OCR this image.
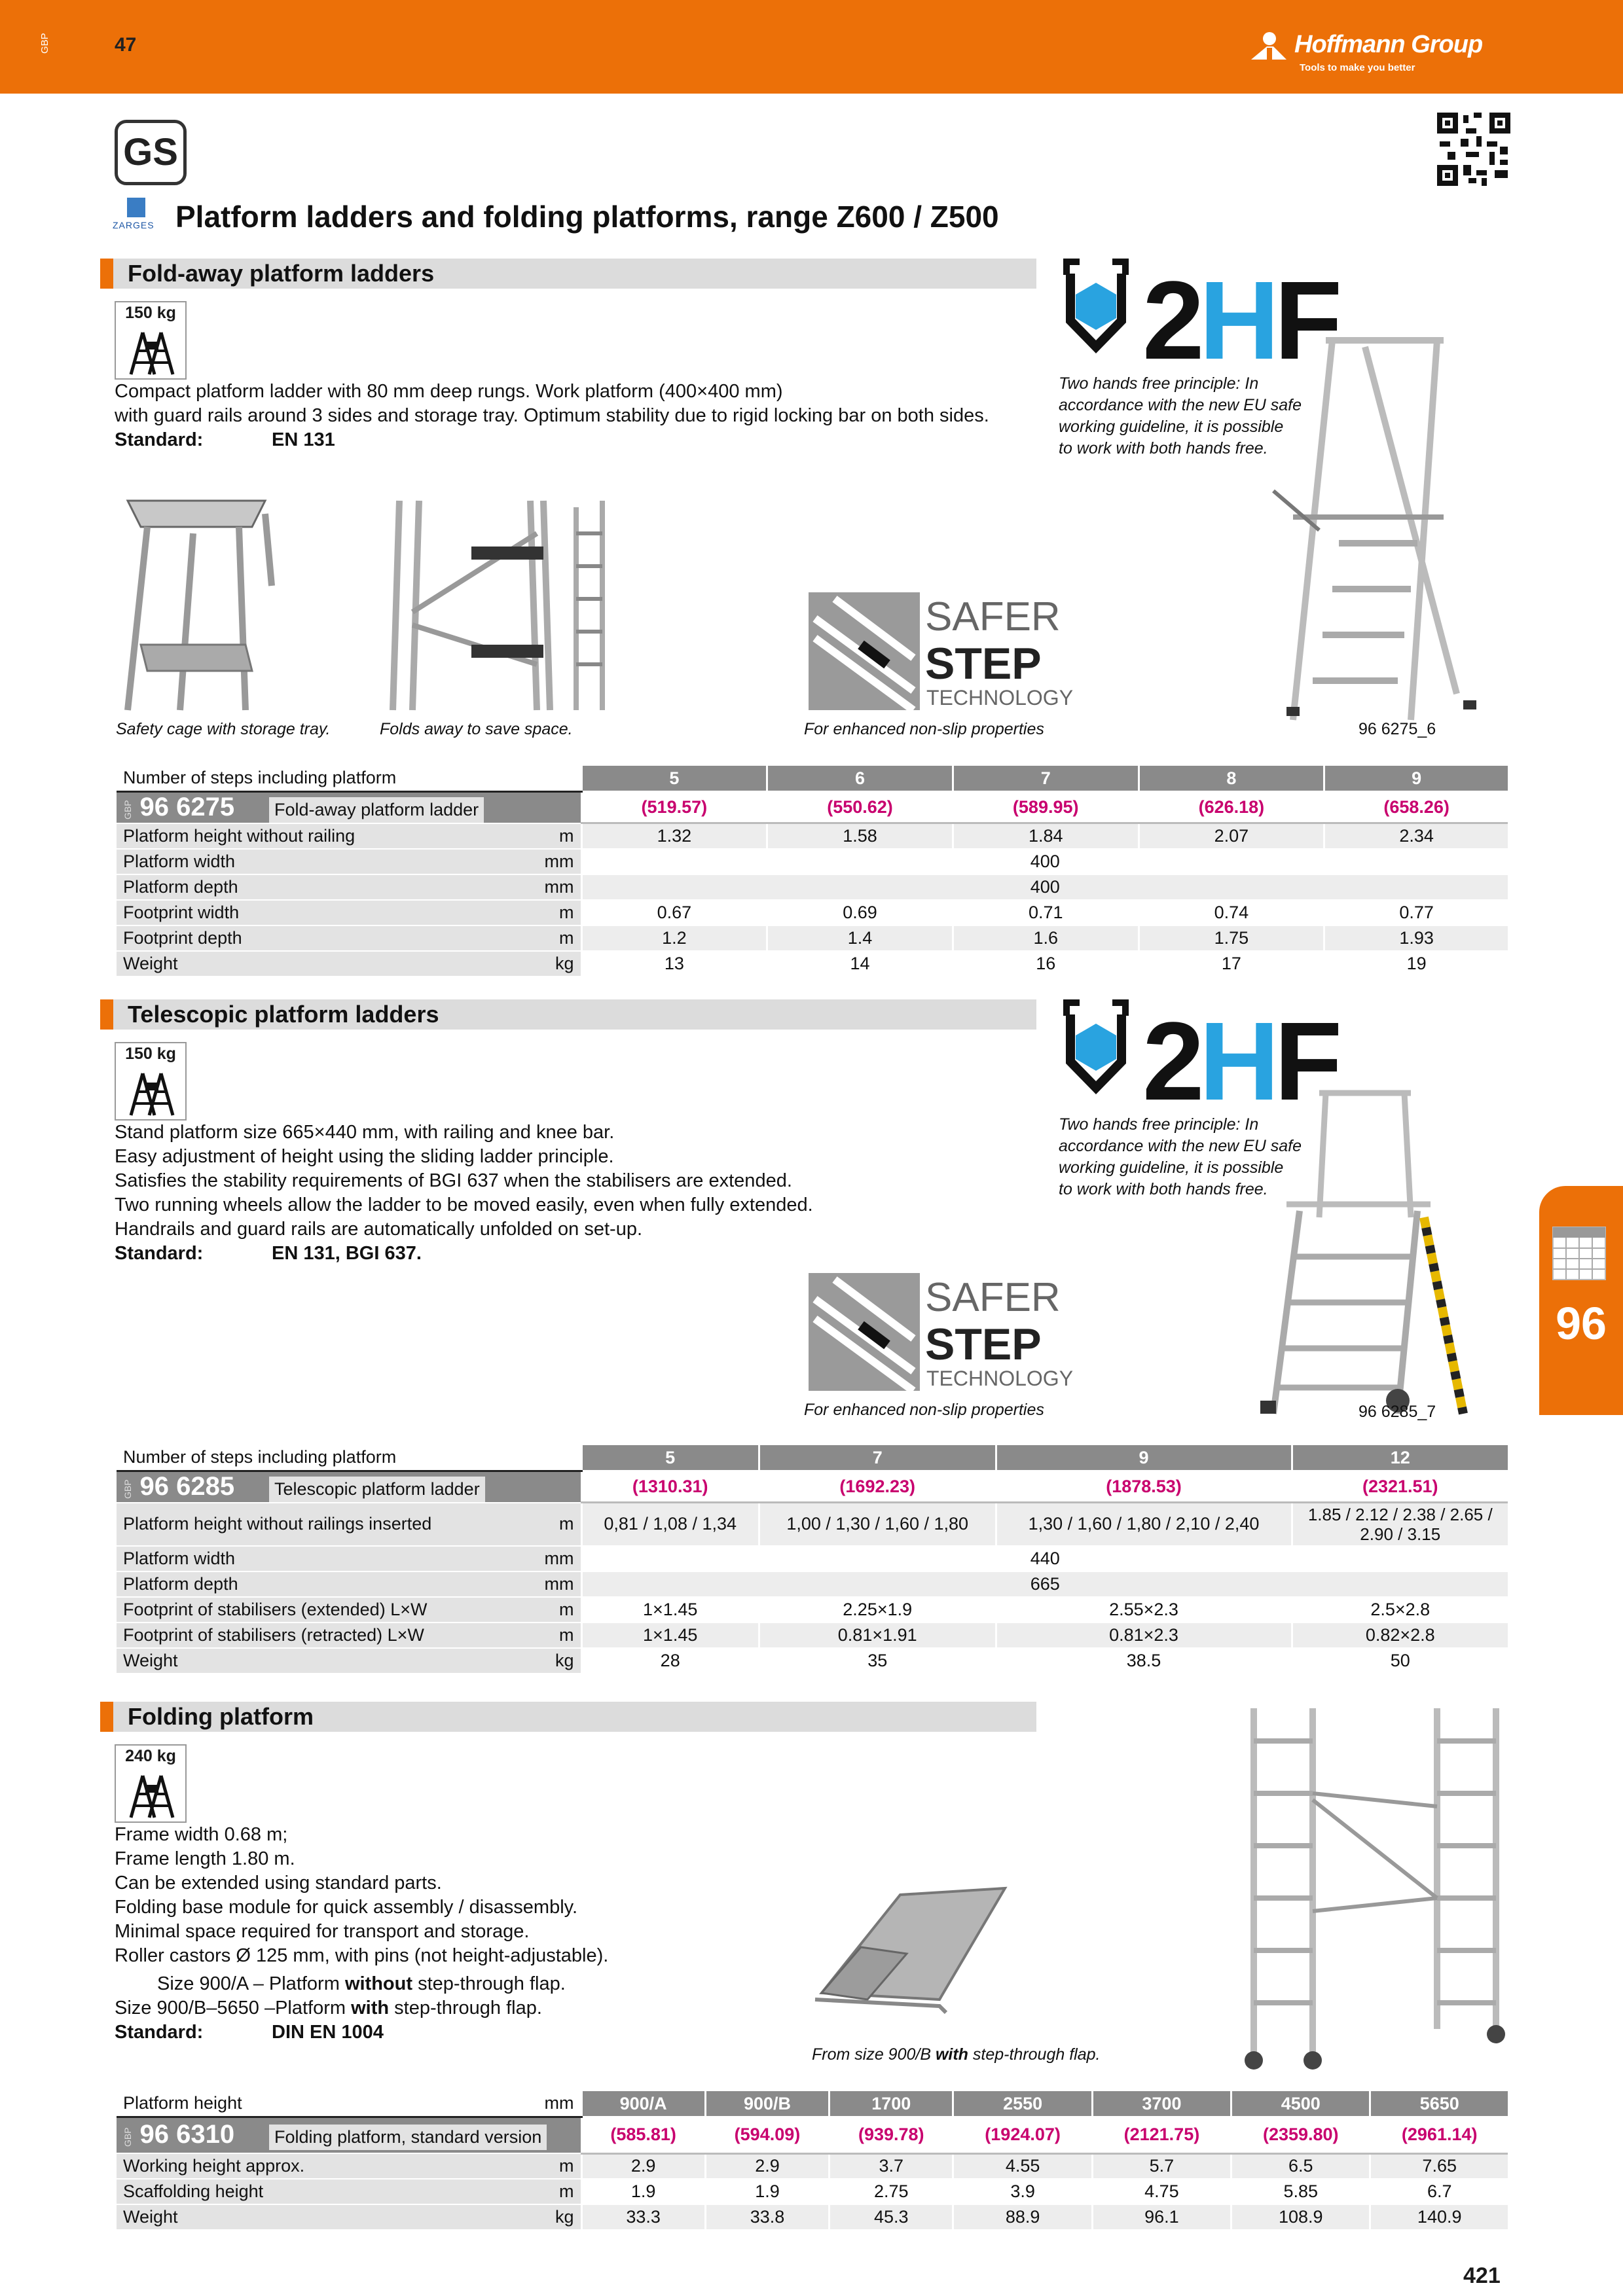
GBP	47	Hoffmann Group
Tools to make you better
GS
ZARGES Platform ladders and folding platforms, range Z600 / Z500
Fold-away platform ladders
150 kg
Compact platform ladder with 80 mm deep rungs. Work platform (400×400 mm)
with guard rails around 3 sides and storage tray. Optimum stability due to rigid locking bar on both sides.
Standard:	EN 131
2HF
Two hands free principle: In
accordance with the new EU safe
working guideline, it is possible
to work with both hands free.
Safety cage with storage tray.	Folds away to save space.
SAFER
STEP
TECHNOLOGY
For enhanced non-slip properties	96 6275_6
Number of steps including platform		5	6	7	8	9
GBP 96 6275 Fold-away platform ladder		(519.57)	(550.62)	(589.95)	(626.18)	(658.26)
Platform height without railing	m	1.32	1.58	1.84	2.07	2.34
Platform width	mm	400				
Platform depth	mm	400				
Footprint width	m	0.67	0.69	0.71	0.74	0.77
Footprint depth	m	1.2	1.4	1.6	1.75	1.93
Weight	kg	13	14	16	17	19
Telescopic platform ladders
150 kg
Stand platform size 665×440 mm, with railing and knee bar.
Easy adjustment of height using the sliding ladder principle.
Satisfies the stability requirements of BGI 637 when the stabilisers are extended.
Two running wheels allow the ladder to be moved easily, even when fully extended.
Handrails and guard rails are automatically unfolded on set-up.
Standard:	EN 131, BGI 637.
2HF
Two hands free principle: In
accordance with the new EU safe
working guideline, it is possible
to work with both hands free.
SAFER
STEP
TECHNOLOGY
For enhanced non-slip properties	96 6285_7
Number of steps including platform		5	7	9	12
GBP 96 6285 Telescopic platform ladder		(1310.31)	(1692.23)	(1878.53)	(2321.51)
Platform height without railings inserted	m	0,81 / 1,08 / 1,34	1,00 / 1,30 / 1,60 / 1,80	1,30 / 1,60 / 1,80 / 2,10 / 2,40	1.85 / 2.12 / 2.38 / 2.65 / 2.90 / 3.15
Platform width	mm	440			
Platform depth	mm	665			
Footprint of stabilisers (extended) L×W	m	1×1.45	2.25×1.9	2.55×2.3	2.5×2.8
Footprint of stabilisers (retracted) L×W	m	1×1.45	0.81×1.91	0.81×2.3	0.82×2.8
Weight	kg	28	35	38.5	50
96
Folding platform
240 kg
Frame width 0.68 m;
Frame length 1.80 m.
Can be extended using standard parts.
Folding base module for quick assembly / disassembly.
Minimal space required for transport and storage.
Roller castors Ø 125 mm, with pins (not height-adjustable).
Size 900/A – Platform without step-through flap.
Size 900/B–5650 –Platform with step-through flap.
Standard:	DIN EN 1004
From size 900/B with step-through flap.
Platform height	mm	900/A	900/B	1700	2550	3700	4500	5650
GBP 96 6310 Folding platform, standard version		(585.81)	(594.09)	(939.78)	(1924.07)	(2121.75)	(2359.80)	(2961.14)
Working height approx.	m	2.9	2.9	3.7	4.55	5.7	6.5	7.65
Scaffolding height	m	1.9	1.9	2.75	3.9	4.75	5.85	6.7
Weight	kg	33.3	33.8	45.3	88.9	96.1	108.9	140.9
421
